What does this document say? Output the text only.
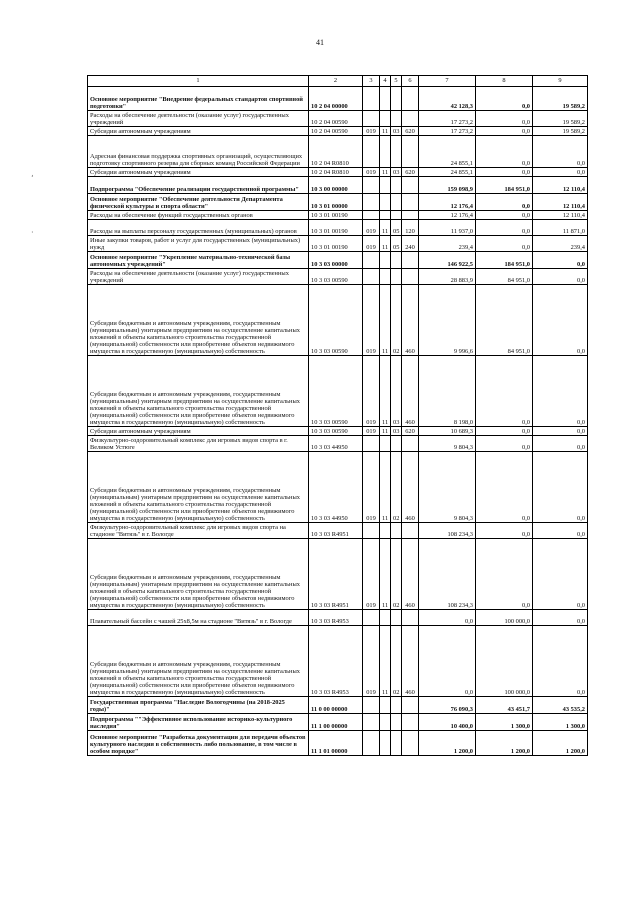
41
¸
·
1	2	3	4	5	6	7	8	9
Основное мероприятие "Внедрение федеральных стандартов спортивной подготовки"	10 2 04 00000					42 128,3	0,0	19 589,2
Расходы на обеспечение деятельности (оказание услуг) государственных учреждений	10 2 04 00590					17 273,2	0,0	19 589,2
Субсидии автономным учреждениям	10 2 04 00590	019	11	03	620	17 273,2	0,0	19 589,2
Адресная финансовая поддержка спортивных организаций, осуществляющих подготовку спортивного резерва для сборных команд Российской Федерации	10 2 04 R0810					24 855,1	0,0	0,0
Субсидии автономным учреждениям	10 2 04 R0810	019	11	03	620	24 855,1	0,0	0,0
Подпрограмма "Обеспечение реализации государственной программы"	10 3 00 00000					159 098,9	184 951,0	12 110,4
Основное мероприятие "Обеспечение деятельности Департамента физической культуры и спорта области"	10 3 01 00000					12 176,4	0,0	12 110,4
Расходы на обеспечение функций государственных органов	10 3 01 00190					12 176,4	0,0	12 110,4
Расходы на выплаты персоналу государственных (муниципальных) органов	10 3 01 00190	019	11	05	120	11 937,0	0,0	11 871,0
Иные закупки товаров, работ и услуг для государственных (муниципальных) нужд	10 3 01 00190	019	11	05	240	239,4	0,0	239,4
Основное мероприятие "Укрепление материально-технической базы автономных учреждений"	10 3 03 00000					146 922,5	184 951,0	0,0
Расходы на обеспечение деятельности (оказание услуг) государственных учреждений	10 3 03 00590					28 883,9	84 951,0	0,0
Субсидии бюджетным и автономным учреждениям, государственным (муниципальным) унитарным предприятиям на осуществление капитальных вложений в объекты капитального строительства государственной (муниципальной) собственности или приобретение объектов недвижимого имущества в государственную (муниципальную) собственность	10 3 03 00590	019	11	02	460	9 996,6	84 951,0	0,0
Субсидии бюджетным и автономным учреждениям, государственным (муниципальным) унитарным предприятиям на осуществление капитальных вложений в объекты капитального строительства государственной (муниципальной) собственности или приобретение объектов недвижимого имущества в государственную (муниципальную) собственность	10 3 03 00590	019	11	03	460	8 198,0	0,0	0,0
Субсидии автономным учреждениям	10 3 03 00590	019	11	03	620	10 689,3	0,0	0,0
Физкультурно-оздоровительный комплекс для игровых видов спорта в г. Великом Устюге	10 3 03 44950					9 804,3	0,0	0,0
Субсидии бюджетным и автономным учреждениям, государственным (муниципальным) унитарным предприятиям на осуществление капитальных вложений в объекты капитального строительства государственной (муниципальной) собственности или приобретение объектов недвижимого имущества в государственную (муниципальную) собственность	10 3 03 44950	019	11	02	460	9 804,3	0,0	0,0
Физкультурно-оздоровительный комплекс для игровых видов спорта на стадионе "Витязь" в г. Вологде	10 3 03 R4951					108 234,3	0,0	0,0
Субсидии бюджетным и автономным учреждениям, государственным (муниципальным) унитарным предприятиям на осуществление капитальных вложений в объекты капитального строительства государственной (муниципальной) собственности или приобретение объектов недвижимого имущества в государственную (муниципальную) собственность	10 3 03 R4951	019	11	02	460	108 234,3	0,0	0,0
Плавательный бассейн с чашей 25х8,5м на стадионе "Витязь" в г. Вологде	10 3 03 R4953					0,0	100 000,0	0,0
Субсидии бюджетным и автономным учреждениям, государственным (муниципальным) унитарным предприятиям на осуществление капитальных вложений в объекты капитального строительства государственной (муниципальной) собственности или приобретение объектов недвижимого имущества в государственную (муниципальную) собственность	10 3 03 R4953	019	11	02	460	0,0	100 000,0	0,0
Государственная программа "Наследие Вологодчины (на 2018-2025 годы)"	11 0 00 00000					76 090,3	43 451,7	43 535,2
Подпрограмма ""Эффективное использование историко-культурного наследия"	11 1 00 00000					10 400,0	1 300,0	1 300,0
Основное мероприятие "Разработка документации для передачи объектов культурного наследия в собственность либо пользование, в том числе в особом порядке"	11 1 01 00000					1 200,0	1 200,0	1 200,0
